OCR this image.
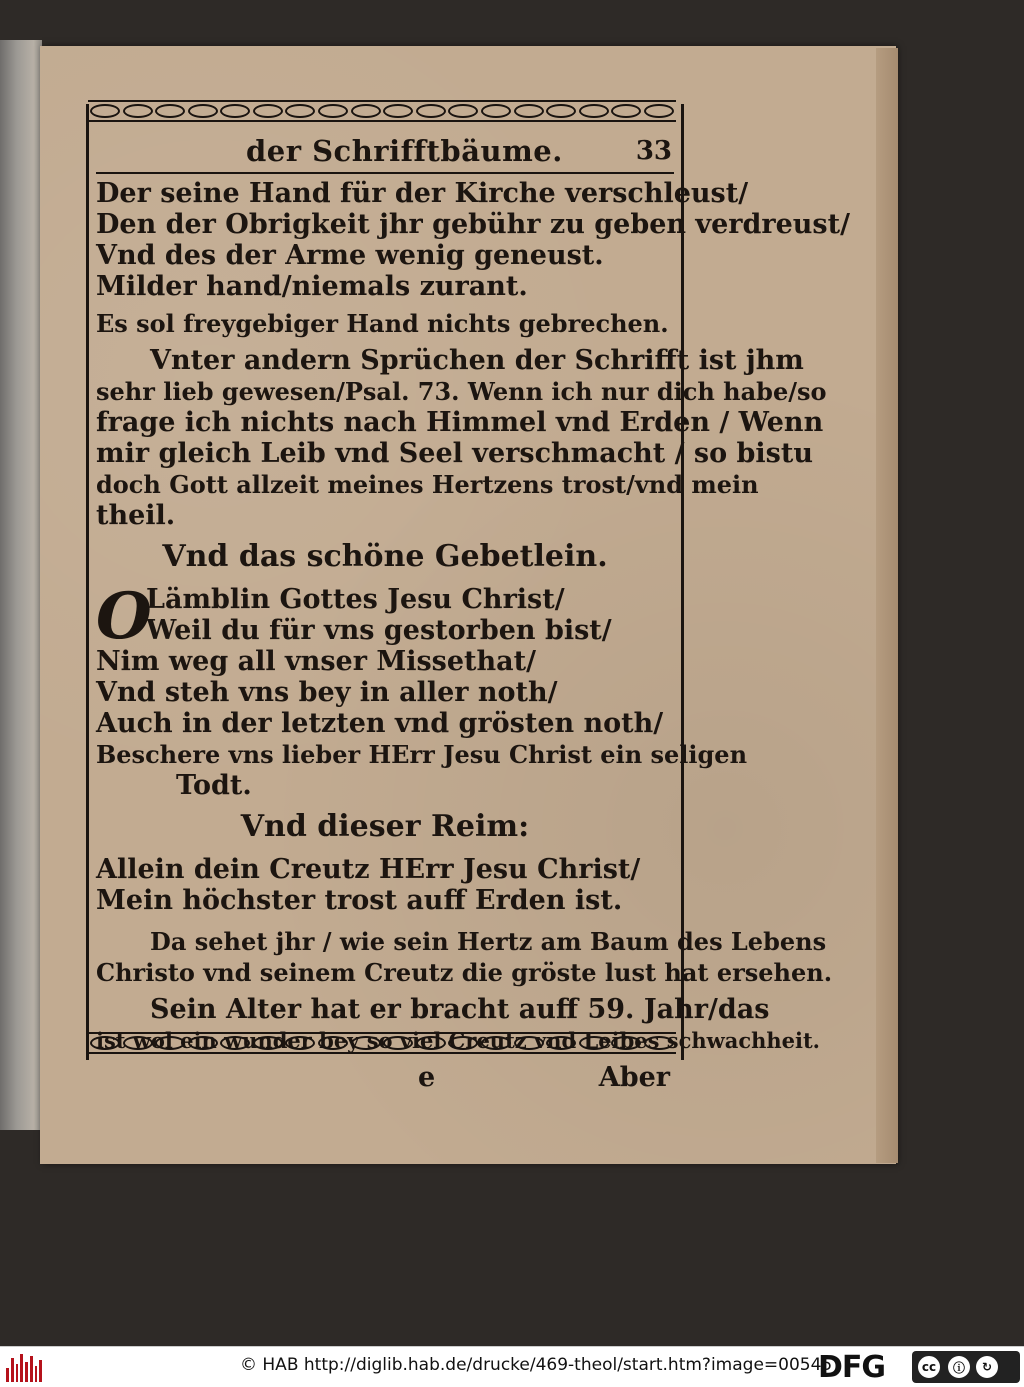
der Schrifftbäume.	33
Der seine Hand für der Kirche verschleust/
Den der Obrigkeit jhr gebühr zu geben verdreust/
Vnd des der Arme wenig geneust.
Milder hand/niemals zurant.
Es sol freygebiger Hand nichts gebrechen.
Vnter andern Sprüchen der Schrifft ist jhm
sehr lieb gewesen/Psal. 73. Wenn ich nur dich habe/so
frage ich nichts nach Himmel vnd Erden / Wenn
mir gleich Leib vnd Seel verschmacht / so bistu
doch Gott allzeit meines Hertzens trost/vnd mein
theil.
Vnd das schöne Gebetlein.
O
Lämblin Gottes Jesu Christ/
Weil du für vns gestorben bist/
Nim weg all vnser Missethat/
Vnd steh vns bey in aller noth/
Auch in der letzten vnd grösten noth/
Beschere vns lieber HErr Jesu Christ ein seligen
Todt.
Vnd dieser Reim:
Allein dein Creutz HErr Jesu Christ/
Mein höchster trost auff Erden ist.
Da sehet jhr / wie sein Hertz am Baum des Lebens
Christo vnd seinem Creutz die gröste lust hat ersehen.
Sein Alter hat er bracht auff 59. Jahr/das
ist wol ein wunder bey so viel Creutz vnd Leibes schwachheit.
e	Aber
© HAB http://diglib.hab.de/drucke/469-theol/start.htm?image=00545
DFG	cc	ⓘ	↻
